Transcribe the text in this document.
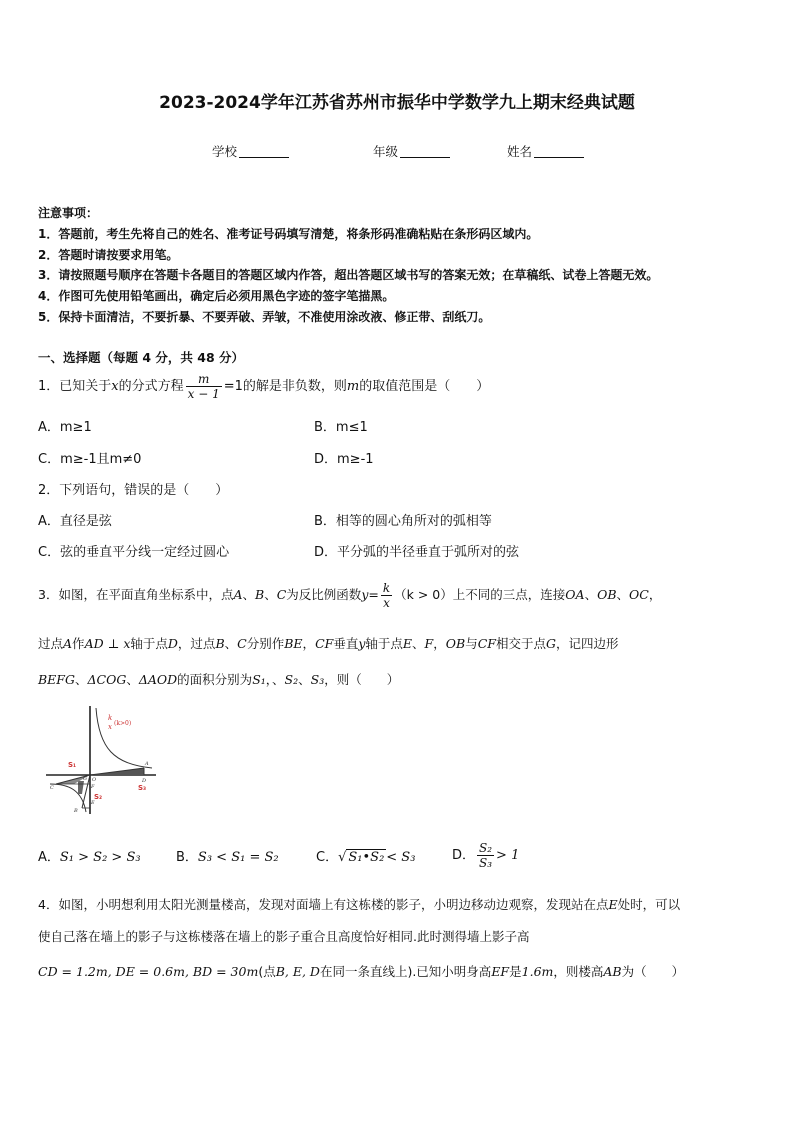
2023-2024学年江苏省苏州市振华中学数学九上期末经典试题
学校	年级	姓名
注意事项：
1．答题前，考生先将自己的姓名、准考证号码填写清楚，将条形码准确粘贴在条形码区域内。
2．答题时请按要求用笔。
3．请按照题号顺序在答题卡各题目的答题区域内作答，超出答题区域书写的答案无效；在草稿纸、试卷上答题无效。
4．作图可先使用铅笔画出，确定后必须用黑色字迹的签字笔描黑。
5．保持卡面清洁，不要折暴、不要弄破、弄皱，不准使用涂改液、修正带、刮纸刀。
一、选择题（每题 4 分，共 48 分）
1．已知关于x的分式方程 $\frac{m}{x - 1} =1$的解是非负数，则m的取值范围是（　　）
A．m≥1	B．m≤1
C．m≥-1且m≠0	D．m≥-1
2．下列语句，错误的是（　　）
A．直径是弦	B．相等的圆心角所对的弧相等
C．弦的垂直平分线一定经过圆心	D．平分弧的半径垂直于弧所对的弦
3．如图，在平面直角坐标系中，点A、B、C为反比例函数$y= \frac{k}{x} (k > 0)$上不同的三点，连接OA、OB、OC，
过点A作AD ⊥ x轴于点D，过点B、C分别作BE，CF垂直y轴于点E、F，OB与CF相交于点G，记四边形
BEFG、ΔCOG、ΔAOD的面积分别为S₁，、S₂、S₃，则（　　）
k
x (k>0)
S₁
S₂
S₃
A
D
C
B
E
F
G O
A．S₁ > S₂ > S₃	B．S₃ < S₁ = S₂	C．√ S₁•S₂ < S₃	D． $\frac{\text{S₂}}{\text{S₃}} > 1$
4．如图，小明想利用太阳光测量楼高，发现对面墙上有这栋楼的影子，小明边移动边观察，发现站在点E处时，可以
使自己落在墙上的影子与这栋楼落在墙上的影子重合且高度恰好相同.此时测得墙上影子高
CD = 1.2m, DE = 0.6m, BD = 30m(点B, E, D在同一条直线上).已知小明身高EF是1.6m，则楼高AB为（　　）
